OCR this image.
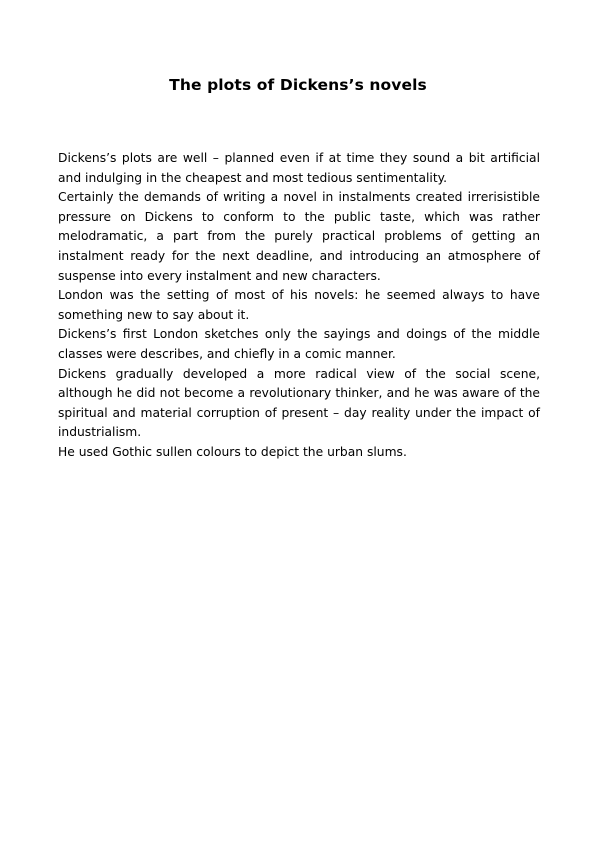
The plots of Dickens’s novels

Dickens’s plots are well – planned even if at time they sound a bit artificial and indulging in the cheapest and most tedious sentimentality.

Certainly the demands of writing a novel in instalments created irrerisistible pressure on Dickens to conform to the public taste, which was rather melodramatic, a part from the purely practical problems of getting an instalment ready for the next deadline, and introducing an atmosphere of suspense into every instalment and new characters.

London was the setting of most of his novels: he seemed always to have something new to say about it.

Dickens’s first London sketches only the sayings and doings of the middle classes were describes, and chiefly in a comic manner.

Dickens gradually developed a more radical view of the social scene, although he did not become a revolutionary thinker, and he was aware of the spiritual and material corruption of present – day reality under the impact of industrialism.

He used Gothic sullen colours to depict the urban slums.
